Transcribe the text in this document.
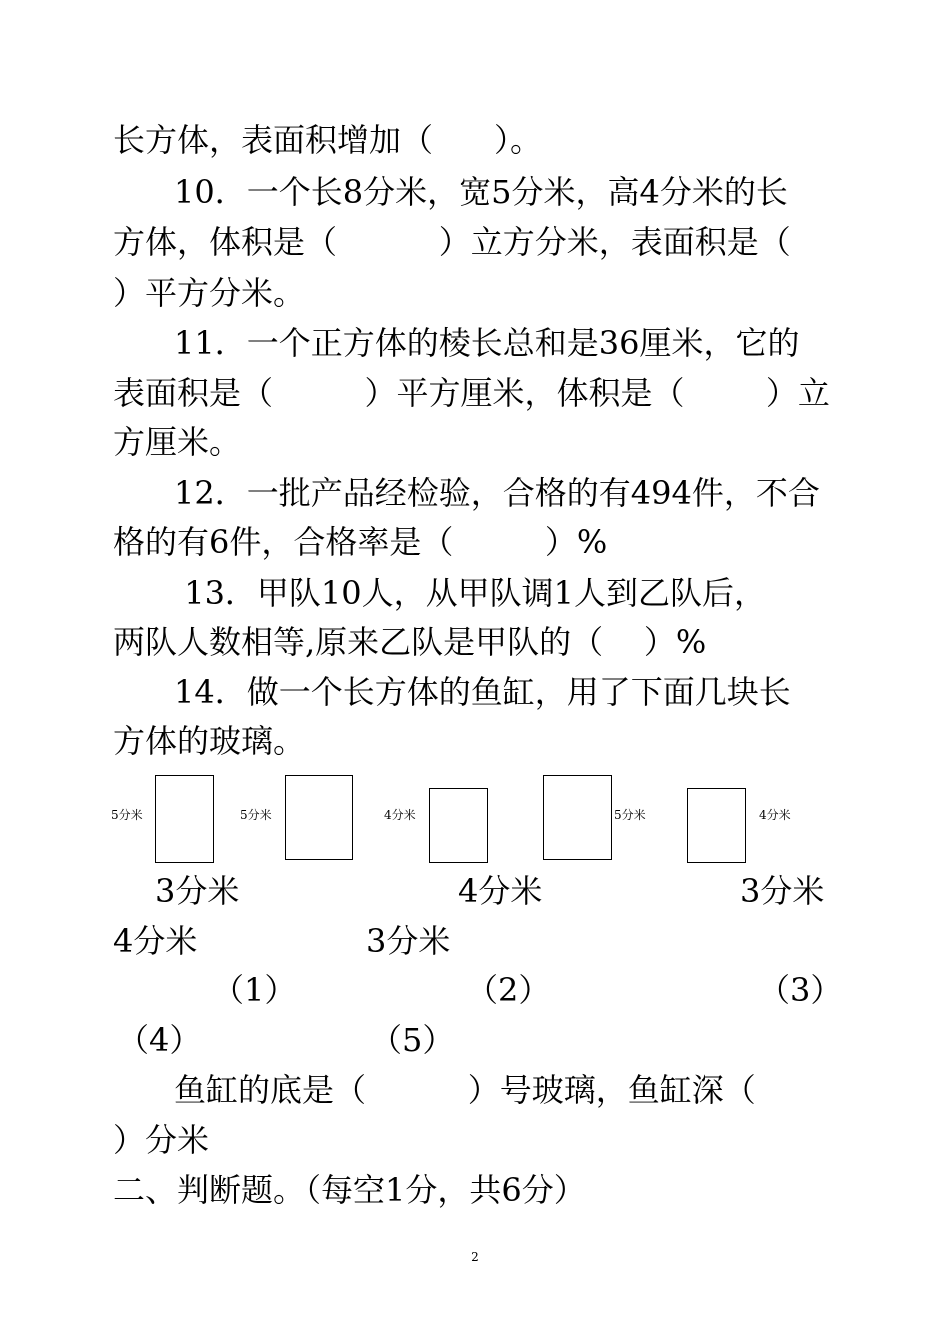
长方体，表面积增加（      ）。

10．一个长8分米，宽5分米，高4分米的长

方体，体积是（          ）立方分米，表面积是（

）平方分米。

11．一个正方体的棱长总和是36厘米，它的

表面积是（         ）平方厘米，体积是（        ）立

方厘米。

12．一批产品经检验，合格的有494件，不合

格的有6件，合格率是（         ）%

13．甲队10人，从甲队调1人到乙队后，

两队人数相等,原来乙队是甲队的（    ）%

14．做一个长方体的鱼缸，用了下面几块长

方体的玻璃。

5分米	5分米	4分米	5分米	4分米
3分米	4分米	3分米
4分米	3分米
（1）	（2）	（3）
（4）	（5）

鱼缸的底是（          ）号玻璃，鱼缸深（

）分米

二、判断题。（每空1分，共6分）

2
